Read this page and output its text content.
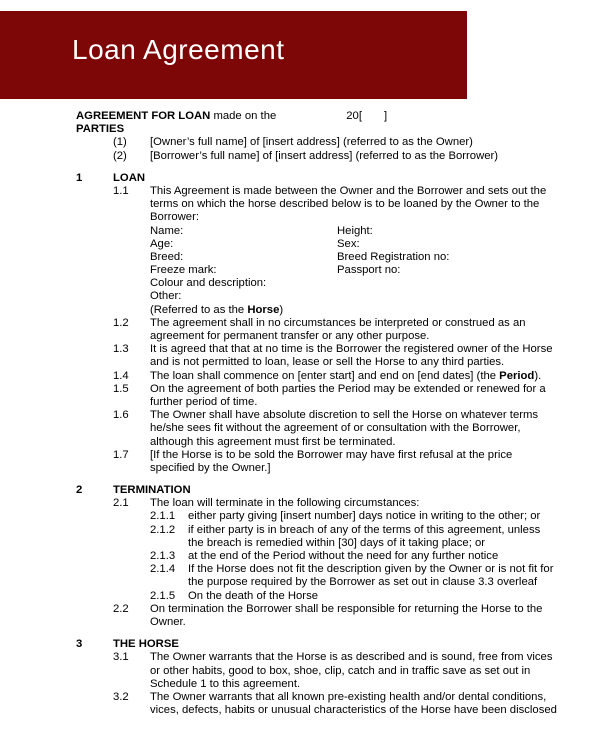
Loan Agreement
AGREEMENT FOR LOAN made on the	20[       ]
PARTIES
(1) [Owner’s full name] of [insert address] (referred to as the Owner)
(2) [Borrower’s full name] of [insert address] (referred to as the Borrower)
1	LOAN
1.1 This Agreement is made between the Owner and the Borrower and sets out the
terms on which the horse described below is to be loaned by the Owner to the
Borrower:
Name:	Height:
Age:	Sex:
Breed:	Breed Registration no:
Freeze mark:	Passport no:
Colour and description:
Other:
(Referred to as the Horse)
1.2 The agreement shall in no circumstances be interpreted or construed as an
agreement for permanent transfer or any other purpose.
1.3 It is agreed that that at no time is the Borrower the registered owner of the Horse
and is not permitted to loan, lease or sell the Horse to any third parties.
1.4 The loan shall commence on [enter start] and end on [end dates] (the Period).
1.5 On the agreement of both parties the Period may be extended or renewed for a
further period of time.
1.6 The Owner shall have absolute discretion to sell the Horse on whatever terms
he/she sees fit without the agreement of or consultation with the Borrower,
although this agreement must first be terminated.
1.7 [If the Horse is to be sold the Borrower may have first refusal at the price
specified by the Owner.]
2	TERMINATION
2.1 The loan will terminate in the following circumstances:
2.1.1 either party giving [insert number] days notice in writing to the other; or
2.1.2 if either party is in breach of any of the terms of this agreement, unless
the breach is remedied within [30] days of it taking place; or
2.1.3 at the end of the Period without the need for any further notice
2.1.4 If the Horse does not fit the description given by the Owner or is not fit for
the purpose required by the Borrower as set out in clause 3.3 overleaf
2.1.5 On the death of the Horse
2.2 On termination the Borrower shall be responsible for returning the Horse to the
Owner.
3	THE HORSE
3.1 The Owner warrants that the Horse is as described and is sound, free from vices
or other habits, good to box, shoe, clip, catch and in traffic save as set out in
Schedule 1 to this agreement.
3.2 The Owner warrants that all known pre-existing health and/or dental conditions,
vices, defects, habits or unusual characteristics of the Horse have been disclosed
